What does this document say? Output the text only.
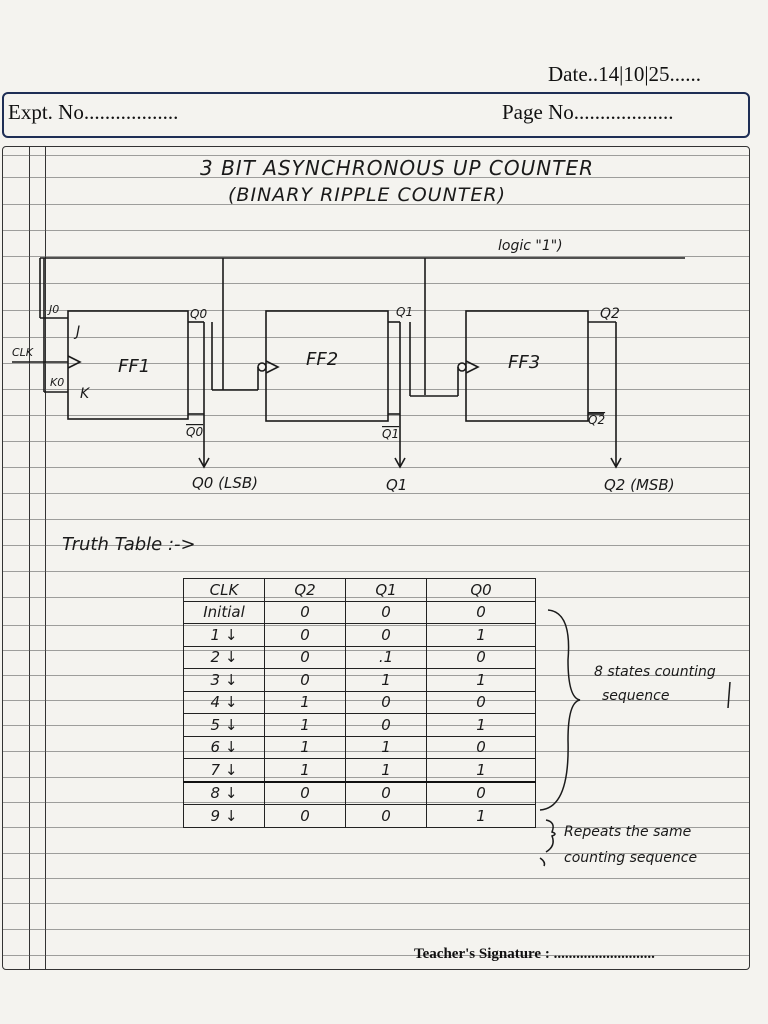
Date..14|10|25......
Expt. No..................	Page No...................
3 BIT ASYNCHRONOUS UP COUNTER
(BINARY RIPPLE COUNTER)
logic "1")
CLK
J
K
J0
K0
FF1	FF2	FF3
Q0	Q1	Q2
Q0	Q1
Q2
Q0 (LSB)	Q1	Q2 (MSB)
Truth Table :->
CLK	Q2	Q1	Q0
Initial	0	0	0
1 ↓	0	0	1
2 ↓	0	.1	0
3 ↓	0	1	1
4 ↓	1	0	0
5 ↓	1	0	1
6 ↓	1	1	0
7 ↓	1	1	1
8 ↓	0	0	0
9 ↓	0	0	1
8 states counting
sequence
Repeats the same
counting sequence
Teacher's Signature : ...........................
